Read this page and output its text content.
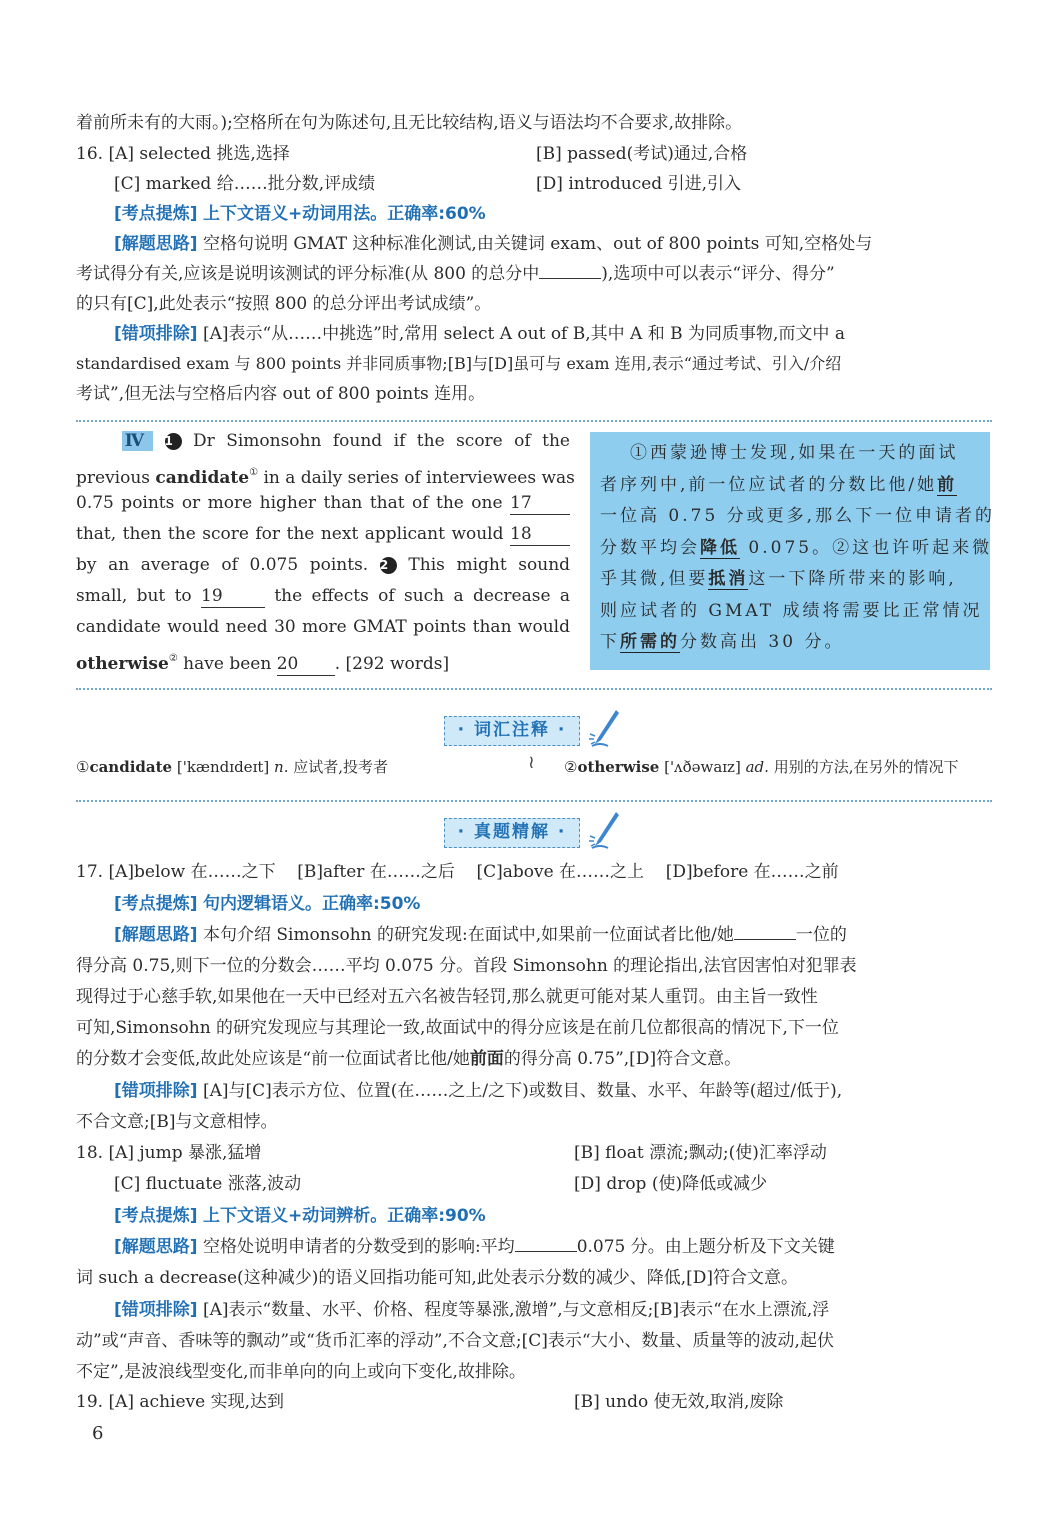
着前所未有的大雨。);空格所在句为陈述句,且无比较结构,语义与语法均不合要求,故排除。
16. [A] selected 挑选,选择	[B] passed(考试)通过,合格
[C] marked 给……批分数,评成绩	[D] introduced 引进,引入
[考点提炼] 上下文语义+动词用法。正确率:60%
[解题思路] 空格句说明 GMAT 这种标准化测试,由关键词 exam、out of 800 points 可知,空格处与
考试得分有关,应该是说明该测试的评分标准(从 800 的总分中	),选项中可以表示“评分、得分”
的只有[C],此处表示“按照 800 的总分评出考试成绩”。
[错项排除] [A]表示“从……中挑选”时,常用 select A out of B,其中 A 和 B 为同质事物,而文中 a
standardised exam 与 800 points 并非同质事物;[B]与[D]虽可与 exam 连用,表示“通过考试、引入/介绍
考试”,但无法与空格后内容 out of 800 points 连用。
Ⅳ 1 Dr Simonsohn found if the score of the
previous candidate① in a daily series of interviewees was
0.75 points or more higher than that of the one 17
that, then the score for the next applicant would 18
by an average of 0.075 points. 2 This might sound
small, but to 19 the effects of such a decrease a
candidate would need 30 more GMAT points than would
otherwise② have been 20 . [292 words]
①西蒙逊博士发现,如果在一天的面试
者序列中,前一位应试者的分数比他/她前
一位高 0.75 分或更多,那么下一位申请者的
分数平均会降低 0.075。②这也许听起来微
乎其微,但要抵消这一下降所带来的影响,
则应试者的 GMAT 成绩将需要比正常情况
下所需的分数高出 30 分。
· 词汇注释 ·
①candidate ['kændɪdeɪt] n. 应试者,投考者	≀ ②otherwise ['ʌðəwaɪz] ad. 用别的方法,在另外的情况下
· 真题精解 ·
17. [A]below 在……之下 [B]after 在……之后 [C]above 在……之上 [D]before 在……之前
[考点提炼] 句内逻辑语义。正确率:50%
[解题思路] 本句介绍 Simonsohn 的研究发现:在面试中,如果前一位面试者比他/她	一位的
得分高 0.75,则下一位的分数会……平均 0.075 分。首段 Simonsohn 的理论指出,法官因害怕对犯罪表
现得过于心慈手软,如果他在一天中已经对五六名被告轻罚,那么就更可能对某人重罚。由主旨一致性
可知,Simonsohn 的研究发现应与其理论一致,故面试中的得分应该是在前几位都很高的情况下,下一位
的分数才会变低,故此处应该是“前一位面试者比他/她前面的得分高 0.75”,[D]符合文意。
[错项排除] [A]与[C]表示方位、位置(在……之上/之下)或数目、数量、水平、年龄等(超过/低于),
不合文意;[B]与文意相悖。
18. [A] jump 暴涨,猛增	[B] float 漂流;飘动;(使)汇率浮动
[C] fluctuate 涨落,波动	[D] drop (使)降低或减少
[考点提炼] 上下文语义+动词辨析。正确率:90%
[解题思路] 空格处说明申请者的分数受到的影响:平均	0.075 分。由上题分析及下文关键
词 such a decrease(这种减少)的语义回指功能可知,此处表示分数的减少、降低,[D]符合文意。
[错项排除] [A]表示“数量、水平、价格、程度等暴涨,激增”,与文意相反;[B]表示“在水上漂流,浮
动”或“声音、香味等的飘动”或“货币汇率的浮动”,不合文意;[C]表示“大小、数量、质量等的波动,起伏
不定”,是波浪线型变化,而非单向的向上或向下变化,故排除。
19. [A] achieve 实现,达到	[B] undo 使无效,取消,废除
6
